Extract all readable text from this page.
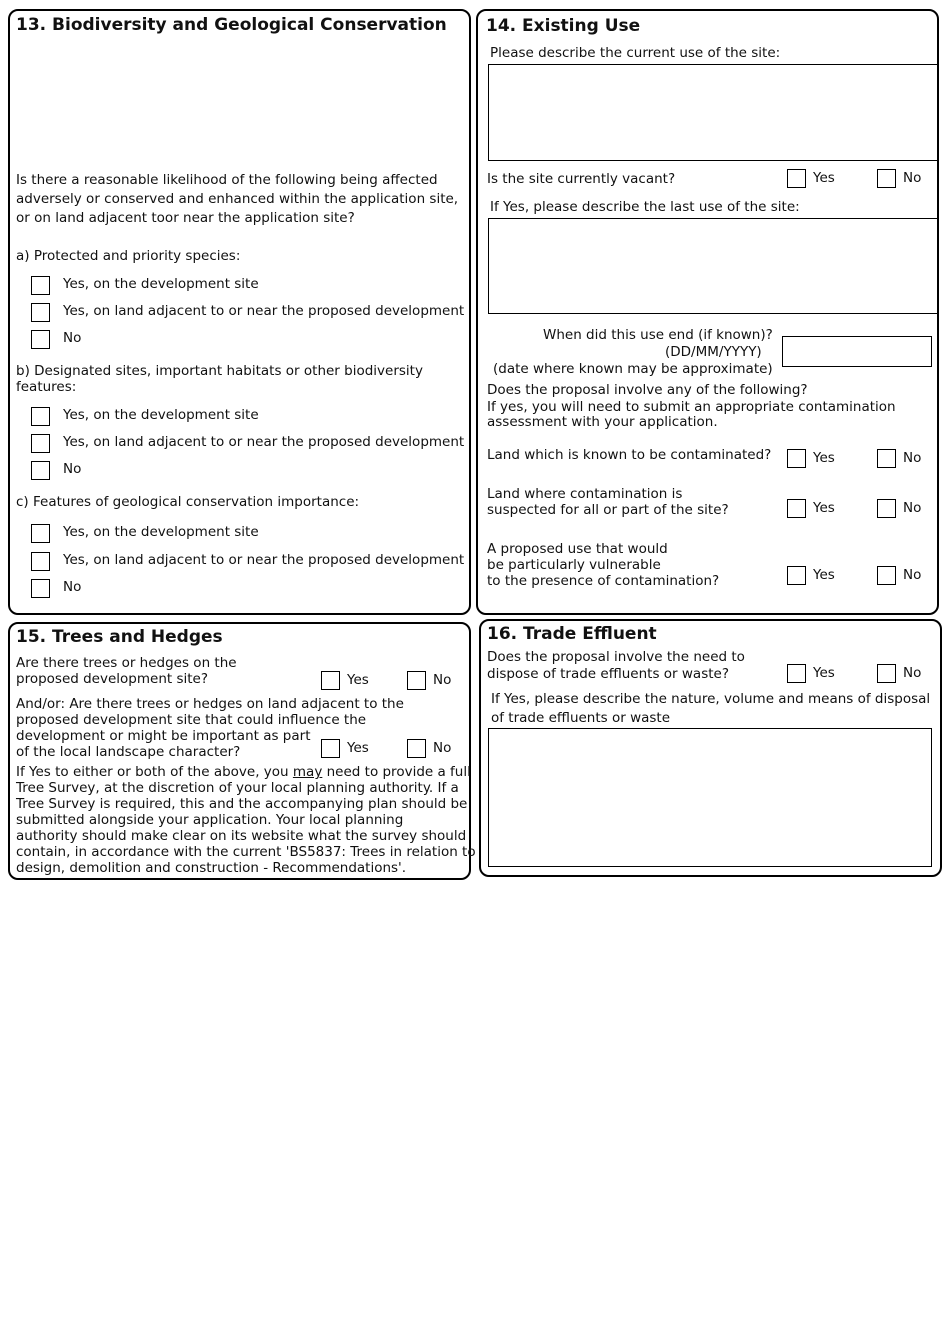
13. Biodiversity and Geological Conservation
Is there a reasonable likelihood of the following being affected
adversely or conserved and enhanced within the application site,
or on land adjacent toor near the application site?
a) Protected and priority species:
Yes, on the development site
Yes, on land adjacent to or near the proposed development
No
b) Designated sites, important habitats or other biodiversity
features:
Yes, on the development site
Yes, on land adjacent to or near the proposed development
No
c) Features of geological conservation importance:
Yes, on the development site
Yes, on land adjacent to or near the proposed development
No
14. Existing Use
Please describe the current use of the site:
Is the site currently vacant?	Yes	No
If Yes, please describe the last use of the site:
When did this use end (if known)?
(DD/MM/YYYY)
(date where known may be approximate)
Does the proposal involve any of the following?
If yes, you will need to submit an appropriate contamination
assessment with your application.
Land which is known to be contaminated?	Yes	No
Land where contamination is
suspected for all or part of the site?	Yes	No
A proposed use that would
be particularly vulnerable
to the presence of contamination?	Yes	No
15. Trees and Hedges
Are there trees or hedges on the
proposed development site?	Yes	No
And/or: Are there trees or hedges on land adjacent to the
proposed development site that could influence the
development or might be important as part
of the local landscape character?	Yes	No
If Yes to either or both of the above, you may need to provide a full
Tree Survey, at the discretion of your local planning authority. If a
Tree Survey is required, this and the accompanying plan should be
submitted alongside your application. Your local planning
authority should make clear on its website what the survey should
contain, in accordance with the current 'BS5837: Trees in relation to
design, demolition and construction - Recommendations'.
16. Trade Effluent
Does the proposal involve the need to
dispose of trade effluents or waste?	Yes	No
If Yes, please describe the nature, volume and means of disposal
of trade effluents or waste
